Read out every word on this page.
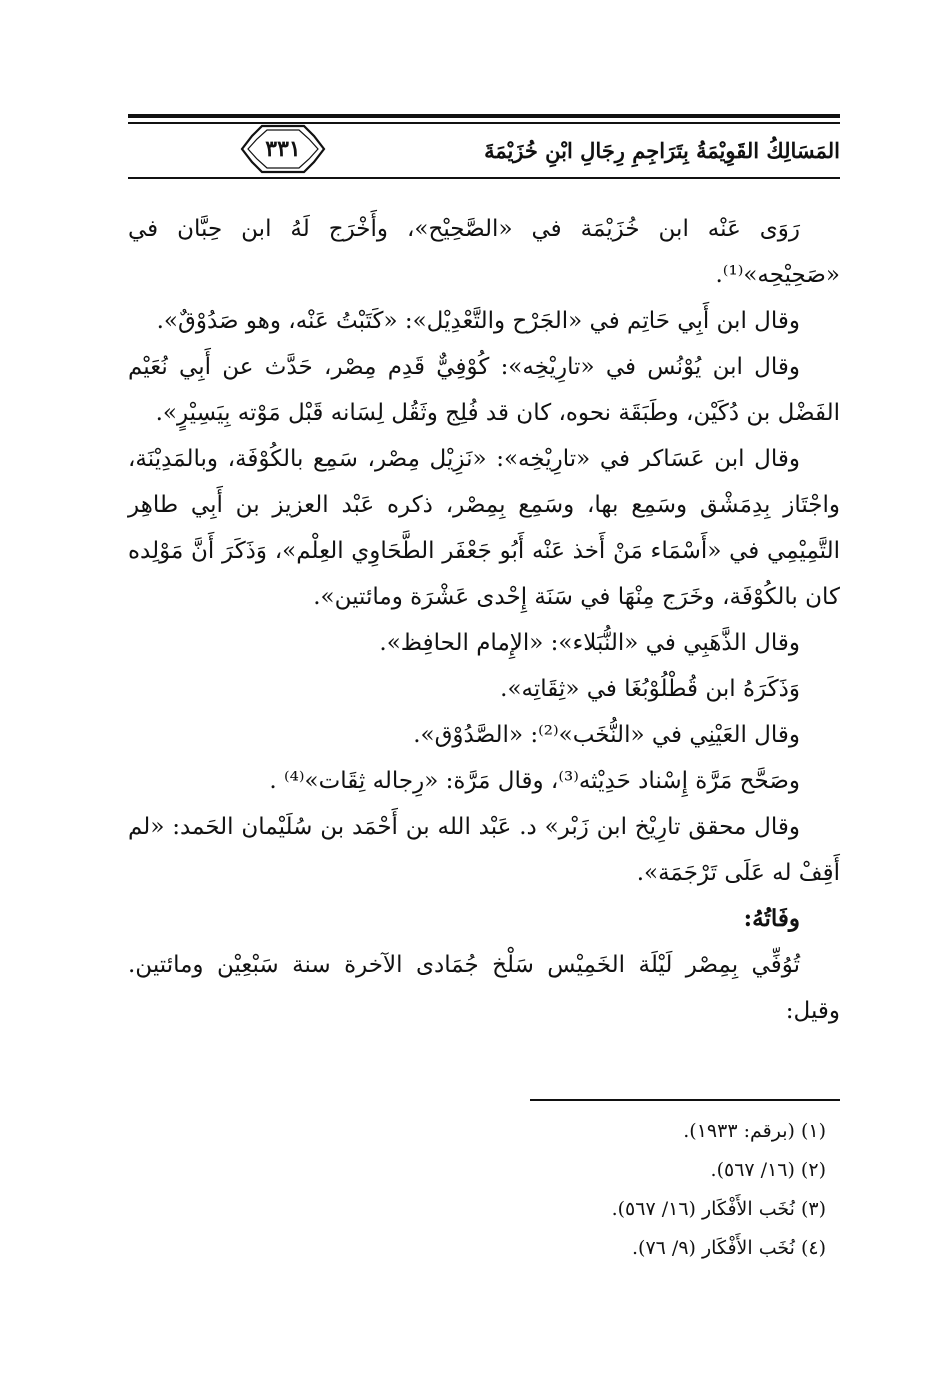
المَسَالِكُ القَوِيْمَةُ بِتَرَاجِمِ رِجَالِ ابْنِ خُزَيْمَةَ
٣٣١

رَوَى عَنْه ابن خُزَيْمَة في «الصَّحِيْح»، وأَخْرَج لَهُ ابن حِبَّان في «صَحِيْحِه»⁽¹⁾.

وقال ابن أَبِي حَاتِم في «الجَرْح والتَّعْدِيْل»: «كَتَبْتُ عَنْه، وهو صَدُوْقٌ».

وقال ابن يُوْنُس في «تارِيْخِه»: كُوْفِيٌّ قَدِم مِصْر، حَدَّث عن أَبِي نُعَيْم الفَضْل بن دُكَيْن، وطَبَقَة نحوه، كان قد فُلِج وثَقُل لِسَانه قَبْل مَوْته بِيَسِيْرٍ».

وقال ابن عَسَاكر في «تارِيْخِه»: «نَزِيْل مِصْر، سَمِع بالكُوْفَة، وبالمَدِيْنَة، واجْتَاز بِدِمَشْق وسَمِع بها، وسَمِع بِمِصْر، ذكره عَبْد العزيز بن أَبِي طاهِر التَّمِيْمِي في «أَسْمَاء مَنْ أَخذ عَنْه أَبُو جَعْفَر الطَّحَاوِي العِلْم»، وَذَكَرَ أَنَّ مَوْلِده كان بالكُوْفَة، وخَرَج مِنْهَا في سَنَة إِحْدى عَشْرَة ومائتين».

وقال الذَّهَبِي في «النُّبَلاء»: «الإِمام الحافِظ».

وَذَكَرَهُ ابن قُطْلُوْبُغَا في «ثِقَاتِه».

وقال العَيْنِي في «النُّخَب»⁽²⁾: «الصَّدُوْق».

وصَحَّح مَرَّة إِسْناد حَدِيْثه⁽³⁾، وقال مَرَّة: «رِجاله ثِقَات»⁽⁴⁾ .

وقال محقق تارِيْخ ابن زَبْر» د. عَبْد الله بن أَحْمَد بن سُلَيْمان الحَمد: «لم أَقِفْ له عَلَى تَرْجَمَة».

وفَاتُهُ:

تُوُفِّي بِمِصْر لَيْلَة الخَمِيْس سَلْخ جُمَادى الآخرة سنة سَبْعِيْن ومائتين. وقيل:

(١) (برقم: ١٩٣٣).
(٢) (١٦/ ٥٦٧).
(٣) نُخَب الأَفْكَار (١٦/ ٥٦٧).
(٤) نُخَب الأَفْكَار (٩/ ٧٦).
